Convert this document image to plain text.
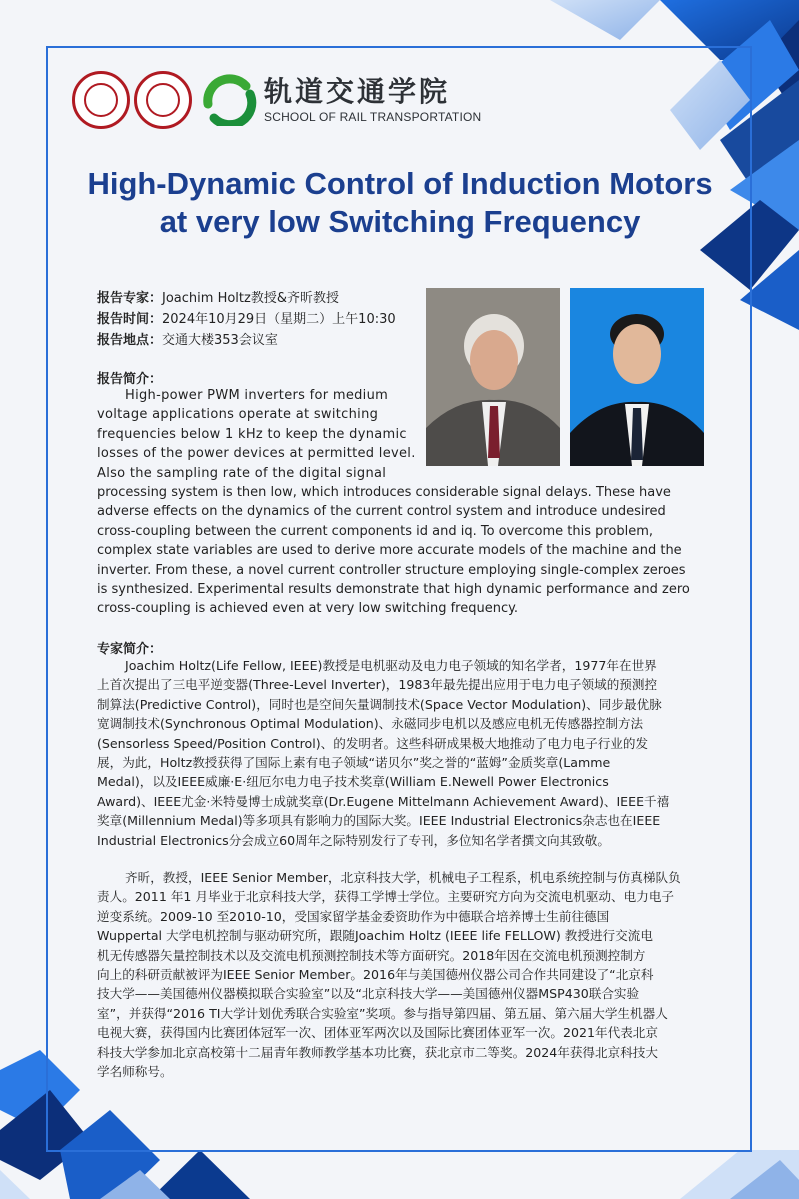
轨道交通学院
SCHOOL OF RAIL TRANSPORTATION
High-Dynamic Control of Induction Motors
at very low Switching Frequency
报告专家：Joachim Holtz教授&齐昕教授
报告时间：2024年10月29日（星期二）上午10:30
报告地点：交通大楼353会议室
报告简介：
High-power PWM inverters for medium
voltage applications operate at switching
frequencies below 1 kHz to keep the dynamic
losses of the power devices at permitted level.
Also the sampling rate of the digital signal
processing system is then low, which introduces considerable signal delays. These have
adverse effects on the dynamics of the current control system and introduce undesired
cross-coupling between the current components id and iq. To overcome this problem,
complex state variables are used to derive more accurate models of the machine and the
inverter. From these, a novel current controller structure employing single-complex zeroes
is synthesized. Experimental results demonstrate that high dynamic performance and zero
cross-coupling is achieved even at very low switching frequency.
专家简介：
Joachim Holtz(Life Fellow, IEEE)教授是电机驱动及电力电子领域的知名学者，1977年在世界
上首次提出了三电平逆变器(Three-Level Inverter)，1983年最先提出应用于电力电子领域的预测控
制算法(Predictive Control)，同时也是空间矢量调制技术(Space Vector Modulation)、同步最优脉
宽调制技术(Synchronous Optimal Modulation)、永磁同步电机以及感应电机无传感器控制方法
(Sensorless Speed/Position Control)、的发明者。这些科研成果极大地推动了电力电子行业的发
展，为此，Holtz教授获得了国际上素有电子领域“诺贝尔”奖之誉的“蓝姆”金质奖章(Lamme
Medal)，以及IEEE威廉·E·纽厄尔电力电子技术奖章(William E.Newell Power Electronics
Award)、IEEE尤金·米特曼博士成就奖章(Dr.Eugene Mittelmann Achievement Award)、IEEE千禧
奖章(Millennium Medal)等多项具有影响力的国际大奖。IEEE Industrial Electronics杂志也在IEEE
Industrial Electronics分会成立60周年之际特别发行了专刊，多位知名学者撰文向其致敬。
齐昕，教授，IEEE Senior Member，北京科技大学，机械电子工程系，机电系统控制与仿真梯队负
责人。2011 年1 月毕业于北京科技大学，获得工学博士学位。主要研究方向为交流电机驱动、电力电子
逆变系统。2009-10 至2010-10，受国家留学基金委资助作为中德联合培养博士生前往德国
Wuppertal 大学电机控制与驱动研究所，跟随Joachim Holtz (IEEE life FELLOW) 教授进行交流电
机无传感器矢量控制技术以及交流电机预测控制技术等方面研究。2018年因在交流电机预测控制方
向上的科研贡献被评为IEEE Senior Member。2016年与美国德州仪器公司合作共同建设了“北京科
技大学——美国德州仪器模拟联合实验室”以及“北京科技大学——美国德州仪器MSP430联合实验
室”，并获得“2016 TI大学计划优秀联合实验室”奖项。参与指导第四届、第五届、第六届大学生机器人
电视大赛，获得国内比赛团体冠军一次、团体亚军两次以及国际比赛团体亚军一次。2021年代表北京
科技大学参加北京高校第十二届青年教师教学基本功比赛，获北京市二等奖。2024年获得北京科技大
学名师称号。
